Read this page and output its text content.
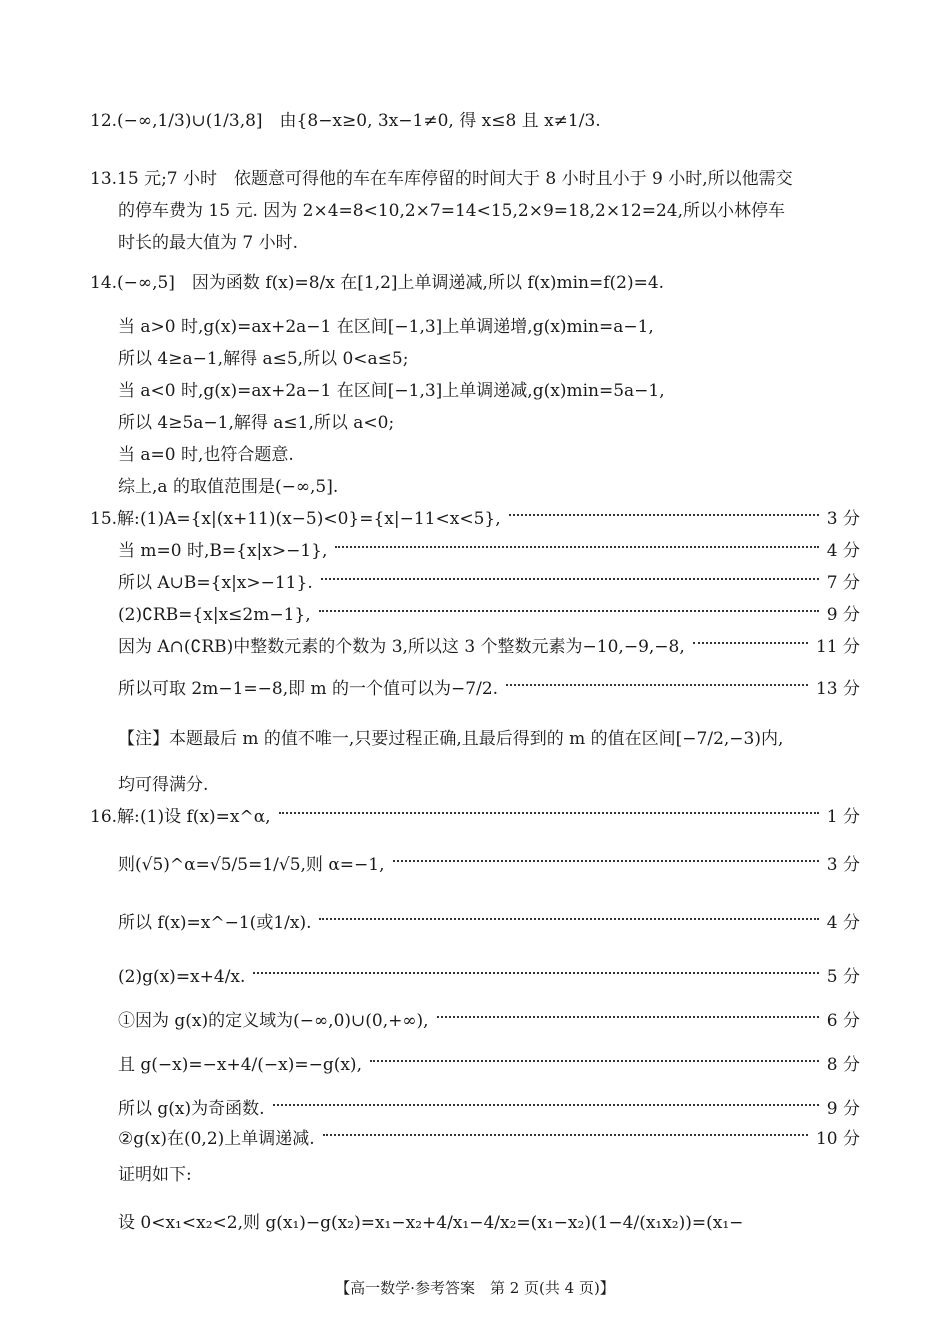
12.(−∞,1/3)∪(1/3,8]　由{8−x≥0, 3x−1≠0, 得 x≤8 且 x≠1/3.
13.15 元;7 小时　依题意可得他的车在车库停留的时间大于 8 小时且小于 9 小时,所以他需交
的停车费为 15 元. 因为 2×4=8<10,2×7=14<15,2×9=18,2×12=24,所以小林停车
时长的最大值为 7 小时.
14.(−∞,5]　因为函数 f(x)=8/x 在[1,2]上单调递减,所以 f(x)min=f(2)=4.
当 a>0 时,g(x)=ax+2a−1 在区间[−1,3]上单调递增,g(x)min=a−1,
所以 4≥a−1,解得 a≤5,所以 0<a≤5;
当 a<0 时,g(x)=ax+2a−1 在区间[−1,3]上单调递减,g(x)min=5a−1,
所以 4≥5a−1,解得 a≤1,所以 a<0;
当 a=0 时,也符合题意.
综上,a 的取值范围是(−∞,5].
【注】本题最后 m 的值不唯一,只要过程正确,且最后得到的 m 的值在区间[−7/2,−3)内,
均可得满分.
证明如下:
设 0<x₁<x₂<2,则 g(x₁)−g(x₂)=x₁−x₂+4/x₁−4/x₂=(x₁−x₂)(1−4/(x₁x₂))=(x₁−
15.解: (1)A={x|(x+11)(x−5)<0}={x|−11<x<5},	3 分
当 m=0 时,B={x|x>−1},	4 分
所以 A∪B={x|x>−11}.	7 分
(2)∁RB={x|x≤2m−1},	9 分
因为 A∩(∁RB)中整数元素的个数为 3,所以这 3 个整数元素为−10,−9,−8,	11 分
所以可取 2m−1=−8,即 m 的一个值可以为−7/2.	13 分
16.解: (1)设 f(x)=x^α,	1 分
则(√5)^α=√5/5=1/√5,则 α=−1,	3 分
所以 f(x)=x^−1(或1/x).	4 分
(2)g(x)=x+4/x.	5 分
①因为 g(x)的定义域为(−∞,0)∪(0,+∞),	6 分
且 g(−x)=−x+4/(−x)=−g(x),	8 分
所以 g(x)为奇函数.	9 分
②g(x)在(0,2)上单调递减.	10 分
【高一数学·参考答案　第 2 页(共 4 页)】
